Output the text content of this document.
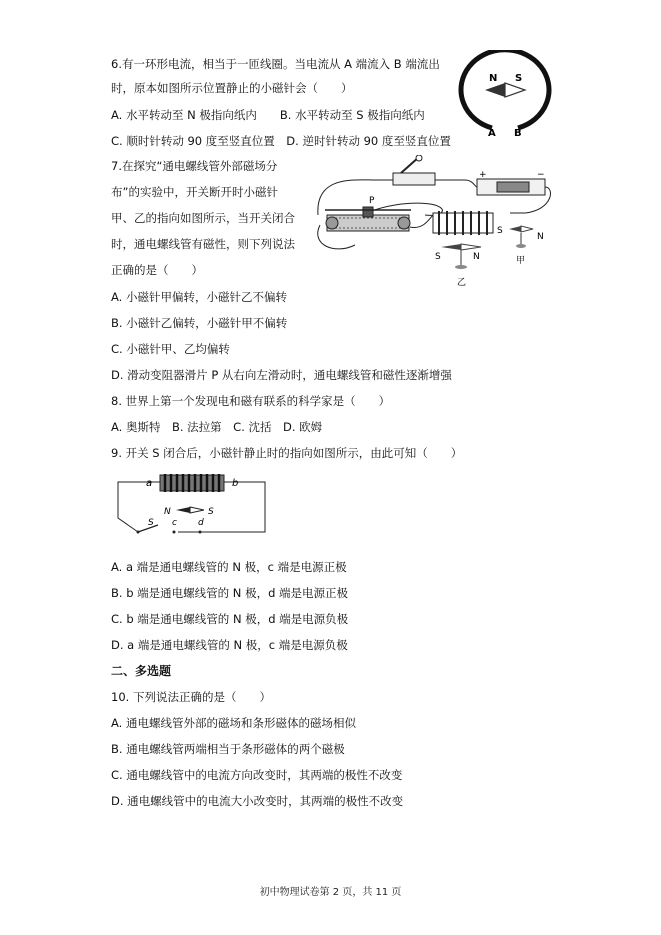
6.有一环形电流，相当于一匝线圈。当电流从 A 端流入 B 端流出
时，原本如图所示位置静止的小磁针会（　　）
A. 水平转动至 N 极指向纸内　　B. 水平转动至 S 极指向纸内
C. 顺时针转动 90 度至竖直位置　D. 逆时针转动 90 度至竖直位置
N S
A B
7.在探究“通电螺线管外部磁场分
布”的实验中，开关断开时小磁针
甲、乙的指向如图所示，当开关闭合
时，通电螺线管有磁性，则下列说法
正确的是（　　）
+	−
P
S
N
甲
S	N
乙
A. 小磁针甲偏转，小磁针乙不偏转
B. 小磁针乙偏转，小磁针甲不偏转
C. 小磁针甲、乙均偏转
D. 滑动变阻器滑片 P 从右向左滑动时，通电螺线管和磁性逐渐增强
8. 世界上第一个发现电和磁有联系的科学家是（　　）
A. 奥斯特　B. 法拉第　C. 沈括　D. 欧姆
9. 开关 S 闭合后，小磁针静止时的指向如图所示，由此可知（　　）
a	b
N	S
S c d
A. a 端是通电螺线管的 N 极，c 端是电源正极
B. b 端是通电螺线管的 N 极，d 端是电源正极
C. b 端是通电螺线管的 N 极，d 端是电源负极
D. a 端是通电螺线管的 N 极，c 端是电源负极
二、多选题
10. 下列说法正确的是（　　）
A. 通电螺线管外部的磁场和条形磁体的磁场相似
B. 通电螺线管两端相当于条形磁体的两个磁极
C. 通电螺线管中的电流方向改变时，其两端的极性不改变
D. 通电螺线管中的电流大小改变时，其两端的极性不改变
初中物理试卷第 2 页，共 11 页
